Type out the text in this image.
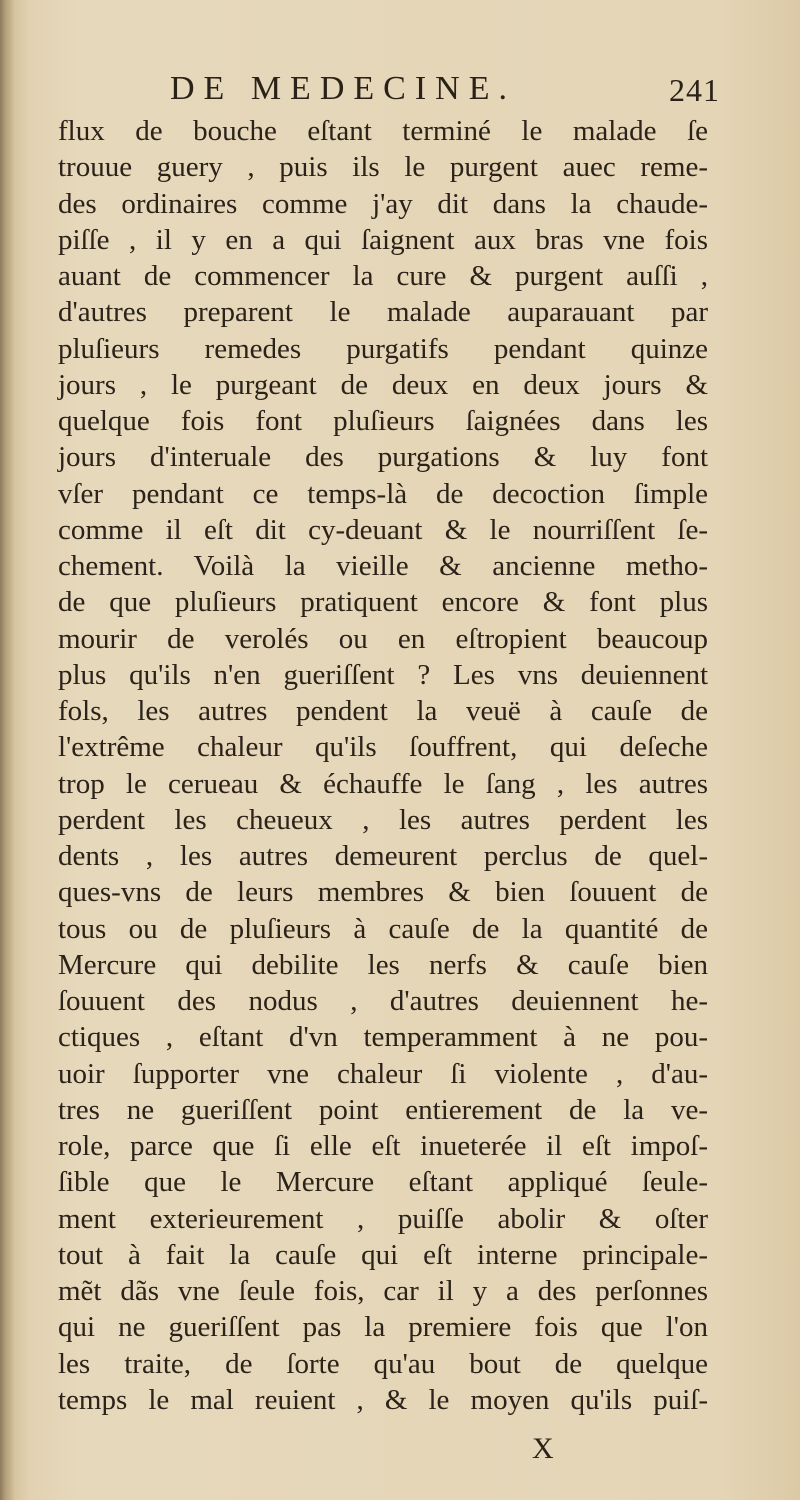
DE MEDECINE.	241
flux de bouche eſtant terminé le malade ſe
trouue guery , puis ils le purgent auec reme-
des ordinaires comme j'ay dit dans la chaude-
piſſe , il y en a qui ſaignent aux bras vne fois
auant de commencer la cure & purgent auſſi ,
d'autres preparent le malade auparauant par
pluſieurs remedes purgatifs pendant quinze
jours , le purgeant de deux en deux jours &
quelque fois font pluſieurs ſaignées dans les
jours d'interuale des purgations & luy font
vſer pendant ce temps-là de decoction ſimple
comme il eſt dit cy-deuant & le nourriſſent ſe-
chement. Voilà la vieille & ancienne metho-
de que pluſieurs pratiquent encore & font plus
mourir de verolés ou en eſtropient beaucoup
plus qu'ils n'en gueriſſent ? Les vns deuiennent
fols, les autres pendent la veuë à cauſe de
l'extrême chaleur qu'ils ſouffrent, qui deſeche
trop le cerueau & échauffe le ſang , les autres
perdent les cheueux , les autres perdent les
dents , les autres demeurent perclus de quel-
ques-vns de leurs membres & bien ſouuent de
tous ou de pluſieurs à cauſe de la quantité de
Mercure qui debilite les nerfs & cauſe bien
ſouuent des nodus , d'autres deuiennent he-
ctiques , eſtant d'vn temperamment à ne pou-
uoir ſupporter vne chaleur ſi violente , d'au-
tres ne gueriſſent point entierement de la ve-
role, parce que ſi elle eſt inueterée il eſt impoſ-
ſible que le Mercure eſtant appliqué ſeule-
ment exterieurement , puiſſe abolir & oſter
tout à fait la cauſe qui eſt interne principale-
mẽt dãs vne ſeule fois, car il y a des perſonnes
qui ne gueriſſent pas la premiere fois que l'on
les traite, de ſorte qu'au bout de quelque
temps le mal reuient , & le moyen qu'ils puiſ-
X
